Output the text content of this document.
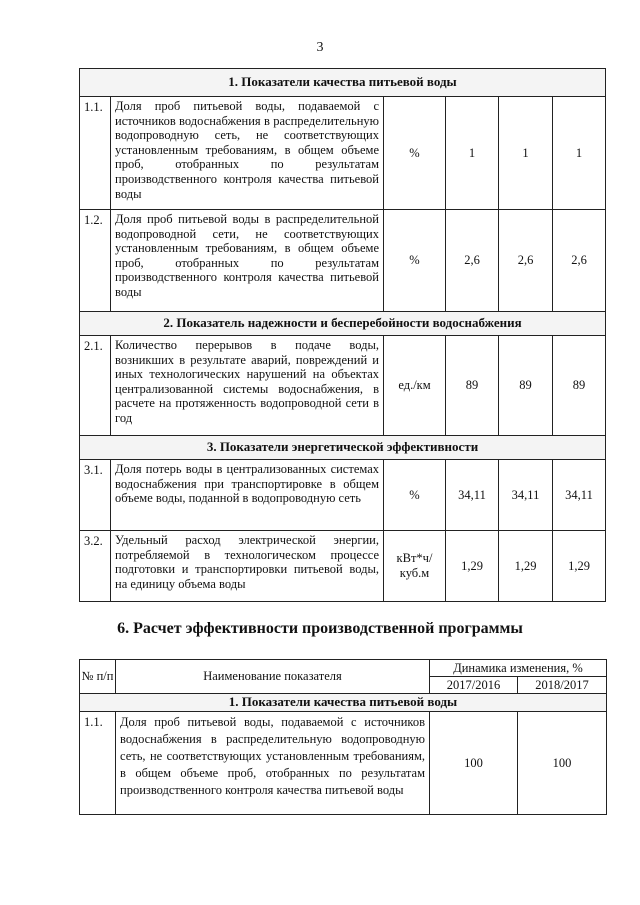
3
1. Показатели качества питьевой воды					
1.1.	Доля проб питьевой воды, подаваемой с источников водоснабжения в распределительную водопроводную сеть, не соответствующих установленным требованиям, в общем объеме проб, отобранных по результатам производственного контроля качества питьевой воды	%	1	1	1
1.2.	Доля проб питьевой воды в распределительной водопроводной сети, не соответствующих установленным требованиям, в общем объеме проб, отобранных по результатам производственного контроля качества питьевой воды	%	2,6	2,6	2,6
2. Показатель надежности и бесперебойности водоснабжения					
2.1.	Количество перерывов в подаче воды, возникших в результате аварий, повреждений и иных технологических нарушений на объектах централизованной системы водоснабжения, в расчете на протяженность водопроводной сети в год	ед./км	89	89	89
3. Показатели энергетической эффективности					
3.1.	Доля потерь воды в централизованных системах водоснабжения при транспортировке в общем объеме воды, поданной в водопроводную сеть	%	34,11	34,11	34,11
3.2.	Удельный расход электрической энергии, потребляемой в технологическом процессе подготовки и транспортировки питьевой воды, на единицу объема воды	кВт*ч/ куб.м	1,29	1,29	1,29
6. Расчет эффективности производственной программы
№ п/п	Наименование показателя	Динамика изменения, %	
		2017/2016	2018/2017
1. Показатели качества питьевой воды			
1.1.	Доля проб питьевой воды, подаваемой с источников водоснабжения в распределительную водопроводную сеть, не соответствующих установленным требованиям, в общем объеме проб, отобранных по результатам производственного контроля качества питьевой воды	100	100
